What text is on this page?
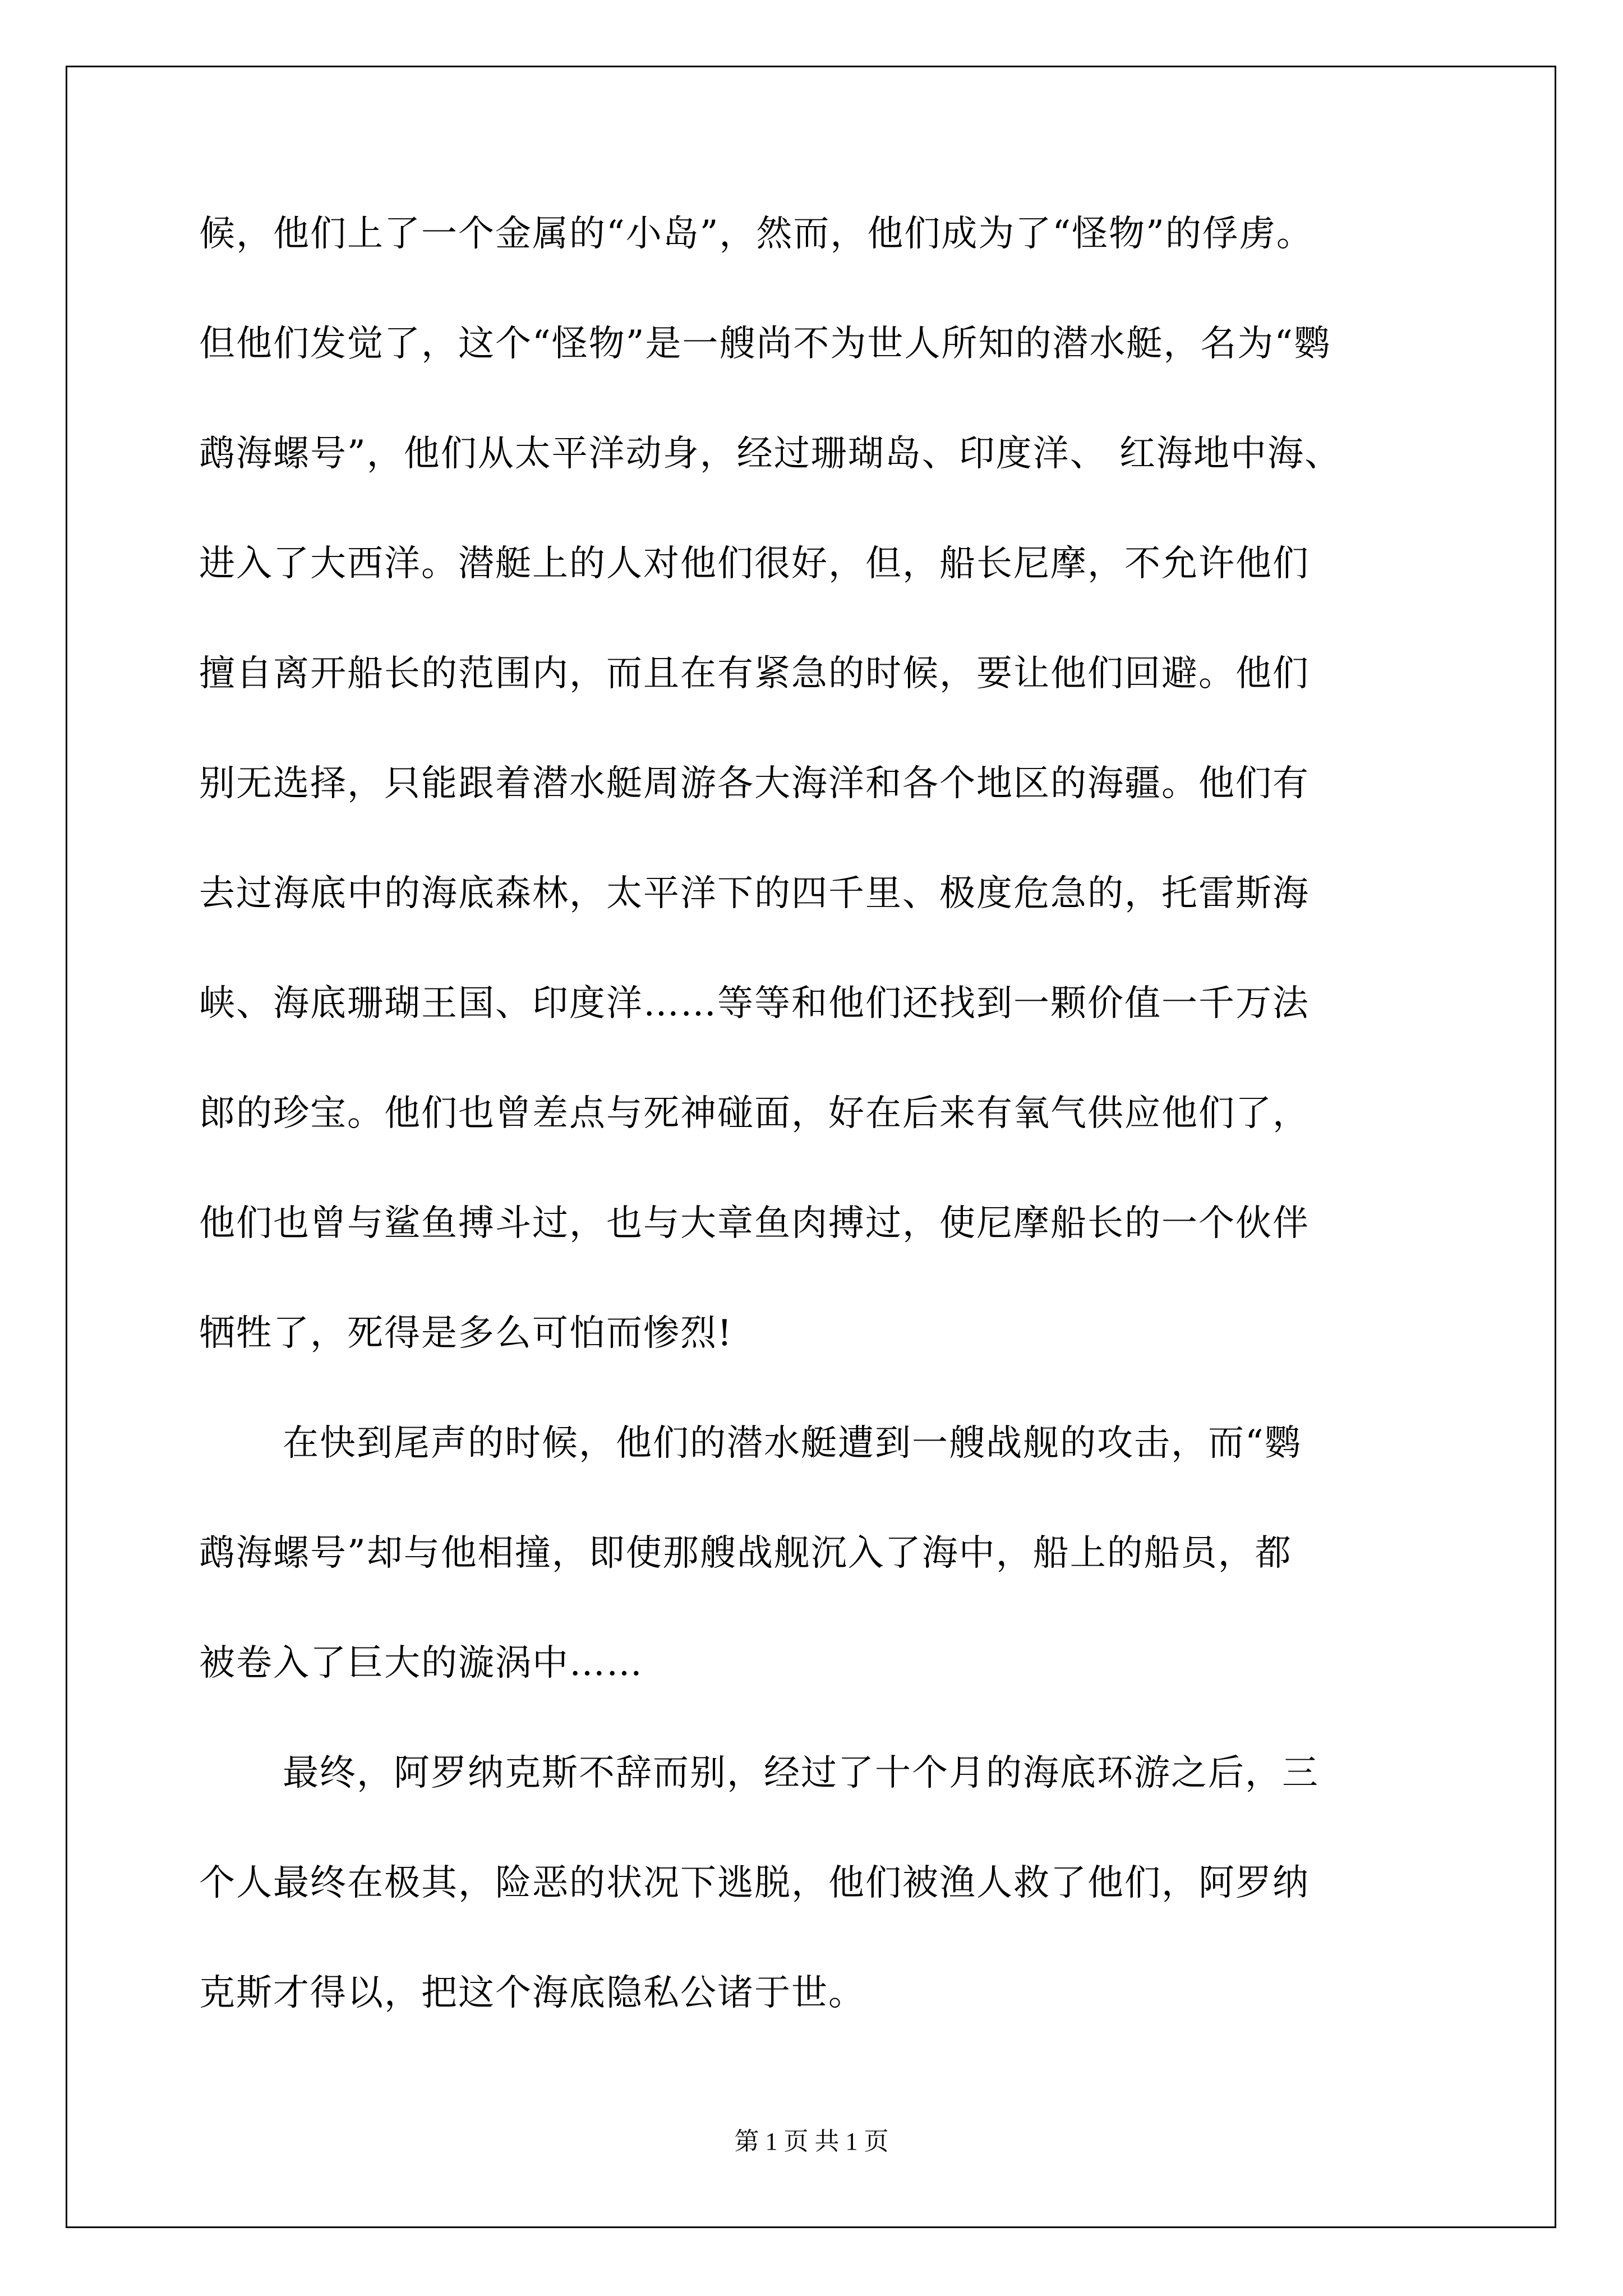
候，他们上了一个金属的“小岛”，然而，他们成为了“怪物”的俘虏。

但他们发觉了，这个“怪物”是一艘尚不为世人所知的潜水艇，名为“鹦

鹉海螺号”，他们从太平洋动身，经过珊瑚岛、印度洋、 红海地中海、

进入了大西洋。潜艇上的人对他们很好，但，船长尼摩，不允许他们

擅自离开船长的范围内，而且在有紧急的时候，要让他们回避。他们

别无选择，只能跟着潜水艇周游各大海洋和各个地区的海疆。他们有

去过海底中的海底森林，太平洋下的四千里、极度危急的，托雷斯海

峡、海底珊瑚王国、印度洋……等等和他们还找到一颗价值一千万法

郎的珍宝。他们也曾差点与死神碰面，好在后来有氧气供应他们了，

他们也曾与鲨鱼搏斗过，也与大章鱼肉搏过，使尼摩船长的一个伙伴

牺牲了，死得是多么可怕而惨烈!

在快到尾声的时候，他们的潜水艇遭到一艘战舰的攻击，而“鹦

鹉海螺号”却与他相撞，即使那艘战舰沉入了海中，船上的船员，都

被卷入了巨大的漩涡中……

最终，阿罗纳克斯不辞而别，经过了十个月的海底环游之后，三

个人最终在极其，险恶的状况下逃脱，他们被渔人救了他们，阿罗纳

克斯才得以，把这个海底隐私公诸于世。

第 1 页 共 1 页
